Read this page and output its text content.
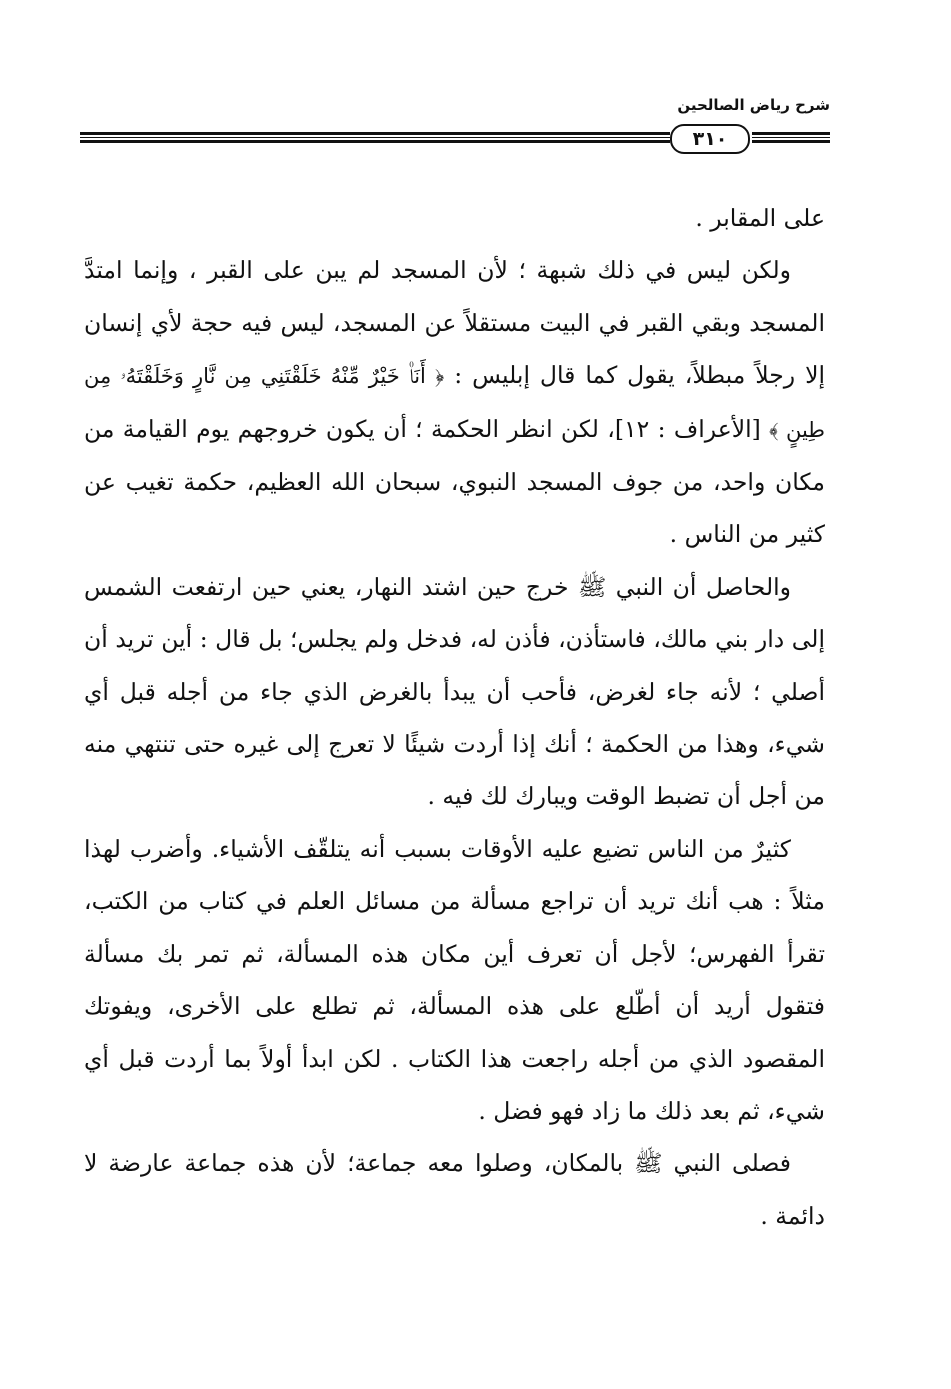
شرح رياض الصالحين
٣١٠

على المقابر .

ولكن ليس في ذلك شبهة ؛ لأن المسجد لم يبن على القبر ، وإنما امتدَّ المسجد وبقي القبر في البيت مستقلاً عن المسجد، ليس فيه حجة لأي إنسان إلا رجلاً مبطلاً، يقول كما قال إبليس : ﴿ أَنَا۠ خَيْرٌ مِّنْهُ خَلَقْتَنِي مِن نَّارٍ وَخَلَقْتَهُۥ مِن طِينٍ ﴾ [الأعراف : ١٢]، لكن انظر الحكمة ؛ أن يكون خروجهم يوم القيامة من مكان واحد، من جوف المسجد النبوي، سبحان الله العظيم، حكمة تغيب عن كثير من الناس .

والحاصل أن النبي ﷺ خرج حين اشتد النهار، يعني حين ارتفعت الشمس إلى دار بني مالك، فاستأذن، فأذن له، فدخل ولم يجلس؛ بل قال : أين تريد أن أصلي ؛ لأنه جاء لغرض، فأحب أن يبدأ بالغرض الذي جاء من أجله قبل أي شيء، وهذا من الحكمة ؛ أنك إذا أردت شيئًا لا تعرج إلى غيره حتى تنتهي منه من أجل أن تضبط الوقت ويبارك لك فيه .

كثيرٌ من الناس تضيع عليه الأوقات بسبب أنه يتلقّف الأشياء. وأضرب لهذا مثلاً : هب أنك تريد أن تراجع مسألة من مسائل العلم في كتاب من الكتب، تقرأ الفهرس؛ لأجل أن تعرف أين مكان هذه المسألة، ثم تمر بك مسألة فتقول أريد أن أطّلع على هذه المسألة، ثم تطلع على الأخرى، ويفوتك المقصود الذي من أجله راجعت هذا الكتاب . لكن ابدأ أولاً بما أردت قبل أي شيء، ثم بعد ذلك ما زاد فهو فضل .

فصلى النبي ﷺ بالمكان، وصلوا معه جماعة؛ لأن هذه جماعة عارضة لا دائمة .
